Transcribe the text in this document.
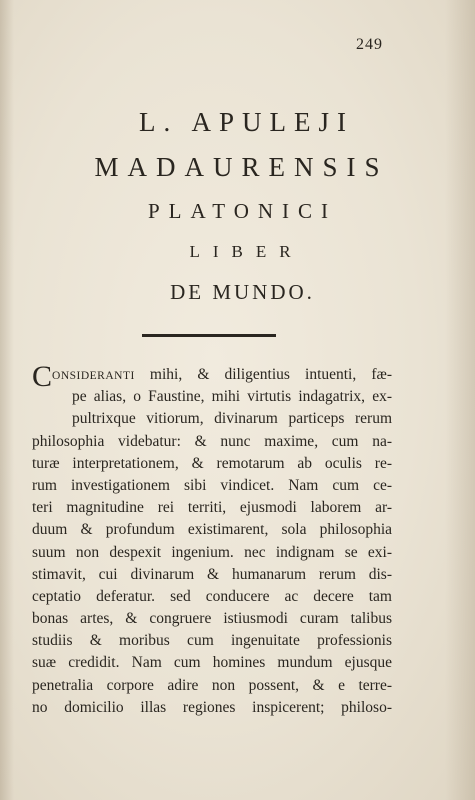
249
L. APULEJI
MADAURENSIS
PLATONICI
LIBER
DE MUNDO.
C ONSIDERANTI mihi, & diligentius intuenti, fæ-
pe alias, o Faustine, mihi virtutis indagatrix, ex-
pultrixque vitiorum, divinarum particeps rerum
philosophia videbatur: & nunc maxime, cum na-
turæ interpretationem, & remotarum ab oculis re-
rum investigationem sibi vindicet. Nam cum ce-
teri magnitudine rei territi, ejusmodi laborem ar-
duum & profundum existimarent, sola philosophia
suum non despexit ingenium. nec indignam se exi-
stimavit, cui divinarum & humanarum rerum dis-
ceptatio deferatur. sed conducere ac decere tam
bonas artes, & congruere istiusmodi curam talibus
studiis & moribus cum ingenuitate professionis
suæ credidit. Nam cum homines mundum ejusque
penetralia corpore adire non possent, & e terre-
no domicilio illas regiones inspicerent; philoso-
